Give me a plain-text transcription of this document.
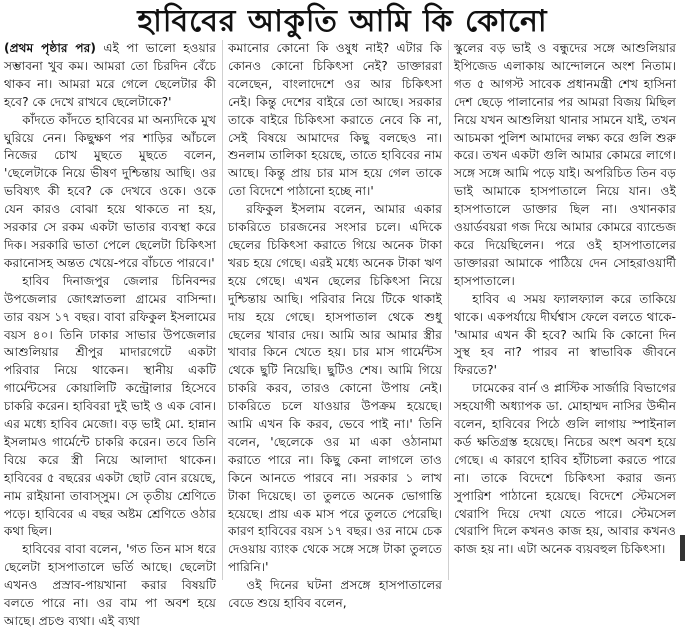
হাবিবের আকুতি আমি কি কোনো

(প্রথম পৃষ্ঠার পর) এই পা ভালো হওয়ার সম্ভাবনা খুব কম। আমরা তো চিরদিন বেঁচে থাকব না। আমরা মরে গেলে ছেলেটার কী হবে? কে দেখে রাখবে ছেলেটাকে?'

কাঁদতে কাঁদতে হাবিবের মা অন্যদিকে মুখ ঘুরিয়ে নেন। কিছুক্ষণ পর শাড়ির আঁচলে নিজের চোখ মুছতে মুছতে বলেন, 'ছেলেটাকে নিয়ে ভীষণ দুশ্চিন্তায় আছি। ওর ভবিষ্যৎ কী হবে? কে দেখবে ওকে। ওকে যেন কারও বোঝা হয়ে থাকতে না হয়, সরকার সে রকম একটা ভাতার ব্যবস্থা করে দিক। সরকারি ভাতা পেলে ছেলেটা চিকিৎসা করানোসহ অন্তত খেয়ে-পরে বাঁচতে পারবে।'

হাবিব দিনাজপুর জেলার চিনিবন্দর উপজেলার জোৎস্নাতলা গ্রামের বাসিন্দা। তার বয়স ১৭ বছর। বাবা রফিকুল ইসলামের বয়স ৪০। তিনি ঢাকার সাভার উপজেলার আশুলিয়ার শ্রীপুর মাদারগেটে একটা পরিবার নিয়ে থাকেন। স্থানীয় একটি গার্মেন্টসের কোয়ালিটি কন্ট্রোলার হিসেবে চাকরি করেন। হাবিবরা দুই ভাই ও এক বোন। এর মধ্যে হাবিব মেজো। বড় ভাই মো. হান্নান ইসলামও গার্মেন্টে চাকরি করেন। তবে তিনি বিয়ে করে স্ত্রী নিয়ে আলাদা থাকেন। হাবিবের ৫ বছরের একটা ছোট বোন রয়েছে, নাম রাইয়ানা তাবাস্সুম। সে তৃতীয় শ্রেণিতে পড়ে। হাবিবের এ বছর অষ্টম শ্রেণিতে ওঠার কথা ছিল।

হাবিবের বাবা বলেন, 'গত তিন মাস ধরে ছেলেটা হাসপাতালে ভর্তি আছে। ছেলেটা এখনও প্রস্রাব-পায়খানা করার বিষয়টি বলতে পারে না। ওর বাম পা অবশ হয়ে আছে। প্রচণ্ড ব্যথা। এই ব্যথা

কমানোর কোনো কি ওষুধ নাই? এটার কি কোনও কোনো চিকিৎসা নেই? ডাক্তাররা বলেছেন, বাংলাদেশে ওর আর চিকিৎসা নেই। কিন্তু দেশের বাইরে তো আছে। সরকার তাকে বাইরে চিকিৎসা করাতে নেবে কি না, সেই বিষয়ে আমাদের কিছু বলছেও না। শুনলাম তালিকা হয়েছে, তাতে হাবিবের নাম আছে। কিন্তু প্রায় চার মাস হয়ে গেল তাকে তো বিদেশে পাঠানো হচ্ছে না।'

রফিকুল ইসলাম বলেন, আমার একার চাকরিতে চারজনের সংসার চলে। এদিকে ছেলের চিকিৎসা করাতে গিয়ে অনেক টাকা খরচ হয়ে গেছে। এরই মধ্যে অনেক টাকা ঋণ হয়ে গেছে। এখন ছেলের চিকিৎসা নিয়ে দুশ্চিন্তায় আছি। পরিবার নিয়ে টিকে থাকাই দায় হয়ে গেছে। হাসপাতাল থেকে শুধু ছেলের খাবার দেয়। আমি আর আমার স্ত্রীর খাবার কিনে খেতে হয়। চার মাস গার্মেন্টস থেকে ছুটি নিয়েছি। ছুটিও শেষ। আমি গিয়ে চাকরি করব, তারও কোনো উপায় নেই। চাকরিতে চলে যাওয়ার উপক্রম হয়েছে। আমি এখন কি করব, ভেবে পাই না।' তিনি বলেন, 'ছেলেকে ওর মা একা ওঠানামা করাতে পারে না। কিছু কেনা লাগলে তাও কিনে আনতে পারবে না। সরকার ১ লাখ টাকা দিয়েছে। তা তুলতে অনেক ভোগান্তি হয়েছে। প্রায় এক মাস পরে তুলতে পেরেছি। কারণ হাবিবের বয়স ১৭ বছর। ওর নামে চেক দেওয়ায় ব্যাংক থেকে সঙ্গে সঙ্গে টাকা তুলতে পারিনি।'

ওই দিনের ঘটনা প্রসঙ্গে হাসপাতালের বেডে শুয়ে হাবিব বলেন,

স্কুলের বড় ভাই ও বন্ধুদের সঙ্গে আশুলিয়ার ইপিজেড এলাকায় আন্দোলনে অংশ নিতাম। গত ৫ আগস্ট সাবেক প্রধানমন্ত্রী শেখ হাসিনা দেশ ছেড়ে পালানোর পর আমরা বিজয় মিছিল নিয়ে যখন আশুলিয়া থানার সামনে যাই, তখন আচমকা পুলিশ আমাদের লক্ষ্য করে গুলি শুরু করে। তখন একটা গুলি আমার কোমরে লাগে। সঙ্গে সঙ্গে আমি পড়ে যাই। অপরিচিত তিন বড় ভাই আমাকে হাসপাতালে নিয়ে যান। ওই হাসপাতালে ডাক্তার ছিল না। ওখানকার ওয়ার্ডবয়রা গজ দিয়ে আমার কোমরে ব্যান্ডেজ করে দিয়েছিলেন। পরে ওই হাসপাতালের ডাক্তাররা আমাকে পাঠিয়ে দেন সোহরাওয়ার্দী হাসপাতালে।

হাবিব এ সময় ফ্যালফ্যাল করে তাকিয়ে থাকে। একপর্যায়ে দীর্ঘশ্বাস ফেলে বলতে থাকে- 'আমার এখন কী হবে? আমি কি কোনো দিন সুস্থ হব না? পারব না স্বাভাবিক জীবনে ফিরতে?'

ঢামেকের বার্ন ও প্লাস্টিক সার্জারি বিভাগের সহযোগী অধ্যাপক ডা. মোহাম্মদ নাসির উদ্দীন বলেন, হাবিবের পিঠে গুলি লাগায় স্পাইনাল কর্ড ক্ষতিগ্রস্ত হয়েছে। নিচের অংশ অবশ হয়ে গেছে। এ কারণে হাবিব হাঁটাচলা করতে পারে না। তাকে বিদেশে চিকিৎসা করার জন্য সুপারিশ পাঠানো হয়েছে। বিদেশে স্টেমসেল থেরাপি দিয়ে দেখা যেতে পারে। স্টেমসেল থেরাপি দিলে কখনও কাজ হয়, আবার কখনও কাজ হয় না। এটা অনেক ব্যয়বহুল চিকিৎসা।
